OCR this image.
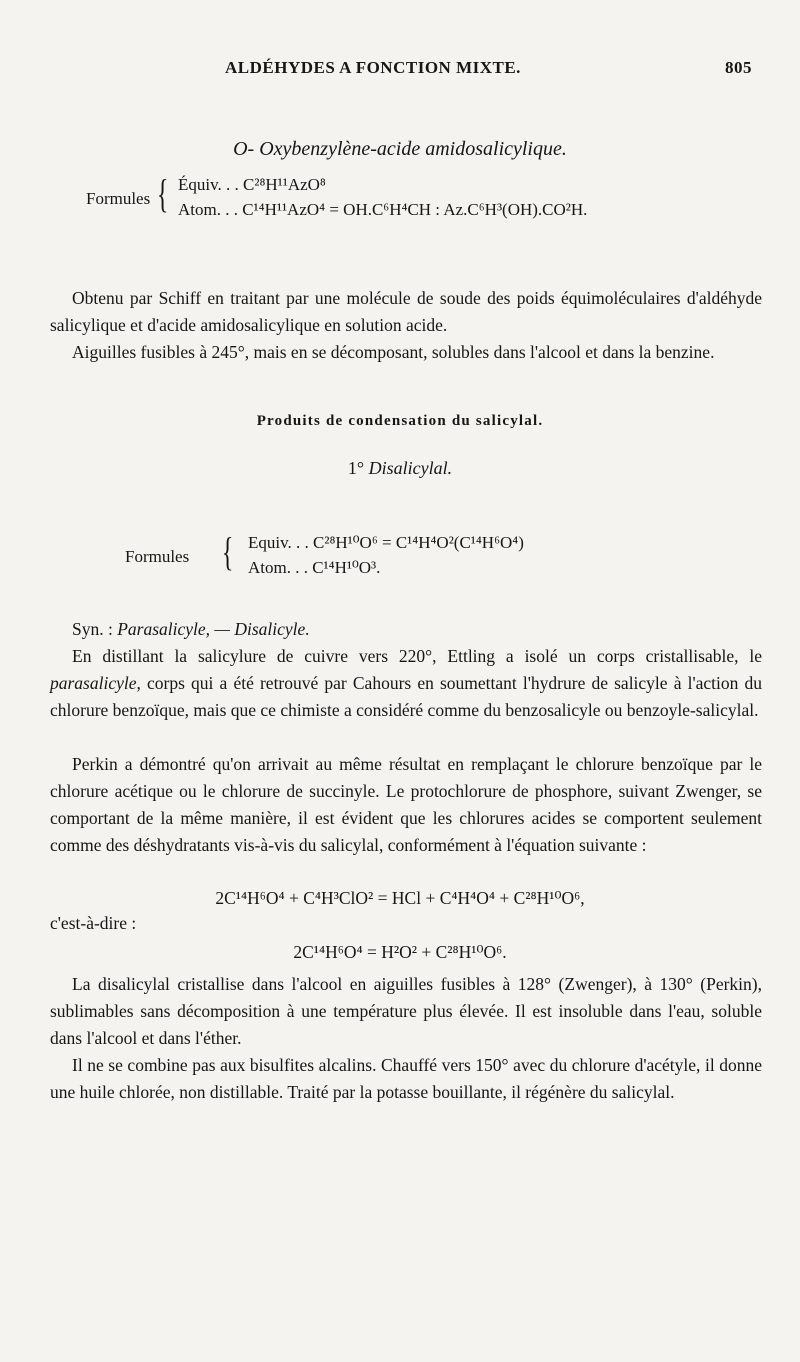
ALDÉHYDES A FONCTION MIXTE.	805
O- Oxybenzylène-acide amidosalicylique.
Formules { Équiv. . . C²⁸H¹¹AzO⁸
Atom. . . C¹⁴H¹¹AzO⁴ = OH.C⁶H⁴CH : Az.C⁶H³(OH).CO²H.

Obtenu par Schiff en traitant par une molécule de soude des poids équimoléculaires d'aldéhyde salicylique et d'acide amidosalicylique en solution acide.

Aiguilles fusibles à 245°, mais en se décomposant, solubles dans l'alcool et dans la benzine.

Produits de condensation du salicylal.
1° Disalicylal.
Formules { Equiv. . . C²⁸H¹⁰O⁶ = C¹⁴H⁴O²(C¹⁴H⁶O⁴)
Atom. . . C¹⁴H¹⁰O³.

Syn. : Parasalicyle, — Disalicyle.

En distillant la salicylure de cuivre vers 220°, Ettling a isolé un corps cristallisable, le parasalicyle, corps qui a été retrouvé par Cahours en soumettant l'hydrure de salicyle à l'action du chlorure benzoïque, mais que ce chimiste a considéré comme du benzosalicyle ou benzoyle-salicylal.

Perkin a démontré qu'on arrivait au même résultat en remplaçant le chlorure benzoïque par le chlorure acétique ou le chlorure de succinyle. Le protochlorure de phosphore, suivant Zwenger, se comportant de la même manière, il est évident que les chlorures acides se comportent seulement comme des déshydratants vis-à-vis du salicylal, conformément à l'équation suivante :

2C¹⁴H⁶O⁴ + C⁴H³ClO² = HCl + C⁴H⁴O⁴ + C²⁸H¹⁰O⁶,

c'est-à-dire :

2C¹⁴H⁶O⁴ = H²O² + C²⁸H¹⁰O⁶.

La disalicylal cristallise dans l'alcool en aiguilles fusibles à 128° (Zwenger), à 130° (Perkin), sublimables sans décomposition à une température plus élevée. Il est insoluble dans l'eau, soluble dans l'alcool et dans l'éther.

Il ne se combine pas aux bisulfites alcalins. Chauffé vers 150° avec du chlorure d'acétyle, il donne une huile chlorée, non distillable. Traité par la potasse bouillante, il régénère du salicylal.
